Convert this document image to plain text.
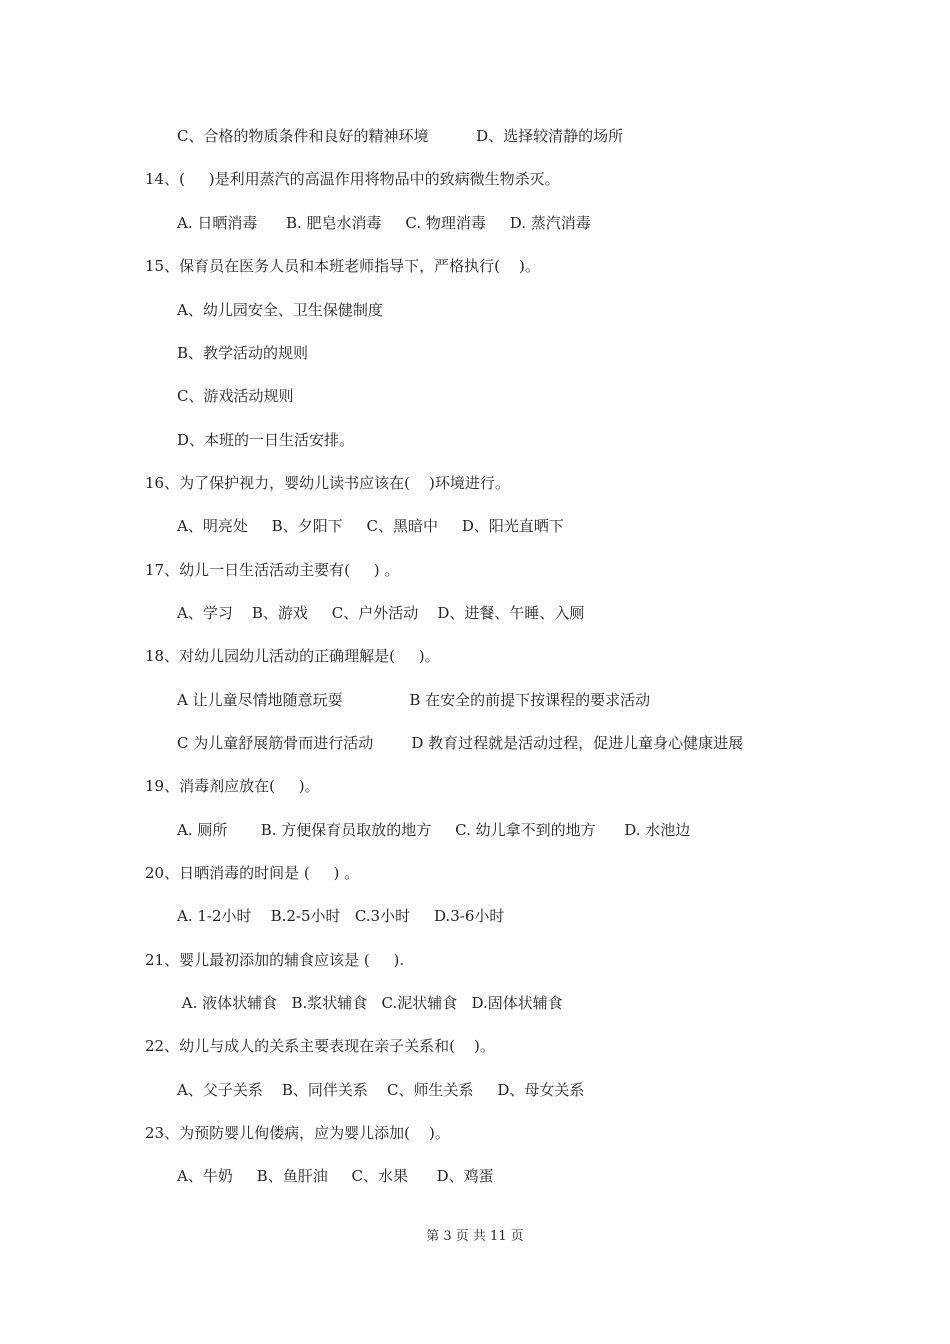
C、合格的物质条件和良好的精神环境          D、选择较清静的场所
14、(     )是利用蒸汽的高温作用将物品中的致病微生物杀灭。
A. 日晒消毒      B. 肥皂水消毒     C. 物理消毒     D. 蒸汽消毒
15、保育员在医务人员和本班老师指导下，严格执行(    )。
A、幼儿园安全、卫生保健制度
B、教学活动的规则
C、游戏活动规则
D、本班的一日生活安排。
16、为了保护视力，婴幼儿读书应该在(    )环境进行。
A、明亮处     B、夕阳下     C、黑暗中     D、阳光直晒下
17、幼儿一日生活活动主要有(     ) 。
A、学习    B、游戏     C、户外活动    D、进餐、午睡、入厕
18、对幼儿园幼儿活动的正确理解是(     )。
A 让儿童尽情地随意玩耍              B 在安全的前提下按课程的要求活动
C 为儿童舒展筋骨而进行活动        D 教育过程就是活动过程，促进儿童身心健康进展
19、消毒剂应放在(     )。
A. 厕所       B. 方便保育员取放的地方     C. 幼儿拿不到的地方      D. 水池边
20、日晒消毒的时间是 (     ) 。
A. 1-2小时    B.2-5小时   C.3小时     D.3-6小时
21、婴儿最初添加的辅食应该是 (     ).
A. 液体状辅食   B.浆状辅食   C.泥状辅食   D.固体状辅食
22、幼儿与成人的关系主要表现在亲子关系和(    )。
A、父子关系    B、同伴关系    C、师生关系     D、母女关系
23、为预防婴儿佝偻病，应为婴儿添加(    )。
A、牛奶     B、鱼肝油     C、水果      D、鸡蛋
第 3 页 共 11 页
